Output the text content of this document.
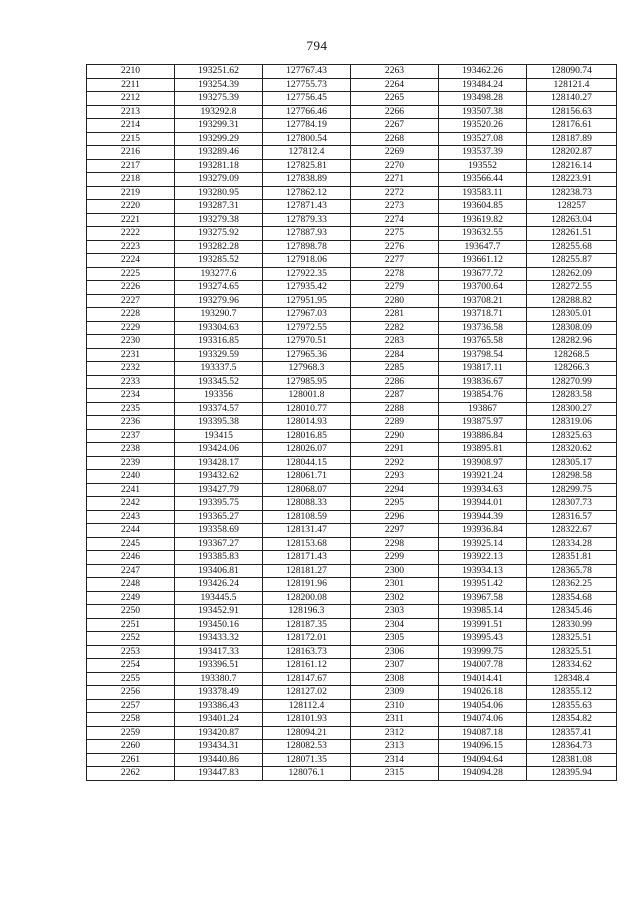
794
2210	193251.62	127767.43	2263	193462.26	128090.74
2211	193254.39	127755.73	2264	193484.24	128121.4
2212	193275.39	127756.45	2265	193498.28	128140.27
2213	193292.8	127766.46	2266	193507.38	128156.63
2214	193299.31	127784.19	2267	193520.26	128176.61
2215	193299.29	127800.54	2268	193527.08	128187.89
2216	193289.46	127812.4	2269	193537.39	128202.87
2217	193281.18	127825.81	2270	193552	128216.14
2218	193279.09	127838.89	2271	193566.44	128223.91
2219	193280.95	127862.12	2272	193583.11	128238.73
2220	193287.31	127871.43	2273	193604.85	128257
2221	193279.38	127879.33	2274	193619.82	128263.04
2222	193275.92	127887.93	2275	193632.55	128261.51
2223	193282.28	127898.78	2276	193647.7	128255.68
2224	193285.52	127918.06	2277	193661.12	128255.87
2225	193277.6	127922.35	2278	193677.72	128262.09
2226	193274.65	127935.42	2279	193700.64	128272.55
2227	193279.96	127951.95	2280	193708.21	128288.82
2228	193290.7	127967.03	2281	193718.71	128305.01
2229	193304.63	127972.55	2282	193736.58	128308.09
2230	193316.85	127970.51	2283	193765.58	128282.96
2231	193329.59	127965.36	2284	193798.54	128268.5
2232	193337.5	127968.3	2285	193817.11	128266.3
2233	193345.52	127985.95	2286	193836.67	128270.99
2234	193356	128001.8	2287	193854.76	128283.58
2235	193374.57	128010.77	2288	193867	128300.27
2236	193395.38	128014.93	2289	193875.97	128319.06
2237	193415	128016.85	2290	193886.84	128325.63
2238	193424.06	128026.07	2291	193895.81	128320.62
2239	193428.17	128044.15	2292	193908.97	128305.17
2240	193432.62	128061.71	2293	193921.24	128298.58
2241	193427.79	128068.07	2294	193934.63	128299.75
2242	193395.75	128088.33	2295	193944.01	128307.73
2243	193365.27	128108.59	2296	193944.39	128316.57
2244	193358.69	128131.47	2297	193936.84	128322.67
2245	193367.27	128153.68	2298	193925.14	128334.28
2246	193385.83	128171.43	2299	193922.13	128351.81
2247	193406.81	128181.27	2300	193934.13	128365.78
2248	193426.24	128191.96	2301	193951.42	128362.25
2249	193445.5	128200.08	2302	193967.58	128354.68
2250	193452.91	128196.3	2303	193985.14	128345.46
2251	193450.16	128187.35	2304	193991.51	128330.99
2252	193433.32	128172.01	2305	193995.43	128325.51
2253	193417.33	128163.73	2306	193999.75	128325.51
2254	193396.51	128161.12	2307	194007.78	128334.62
2255	193380.7	128147.67	2308	194014.41	128348.4
2256	193378.49	128127.02	2309	194026.18	128355.12
2257	193386.43	128112.4	2310	194054.06	128355.63
2258	193401.24	128101.93	2311	194074.06	128354.82
2259	193420.87	128094.21	2312	194087.18	128357.41
2260	193434.31	128082.53	2313	194096.15	128364.73
2261	193440.86	128071.35	2314	194094.64	128381.08
2262	193447.83	128076.1	2315	194094.28	128395.94
